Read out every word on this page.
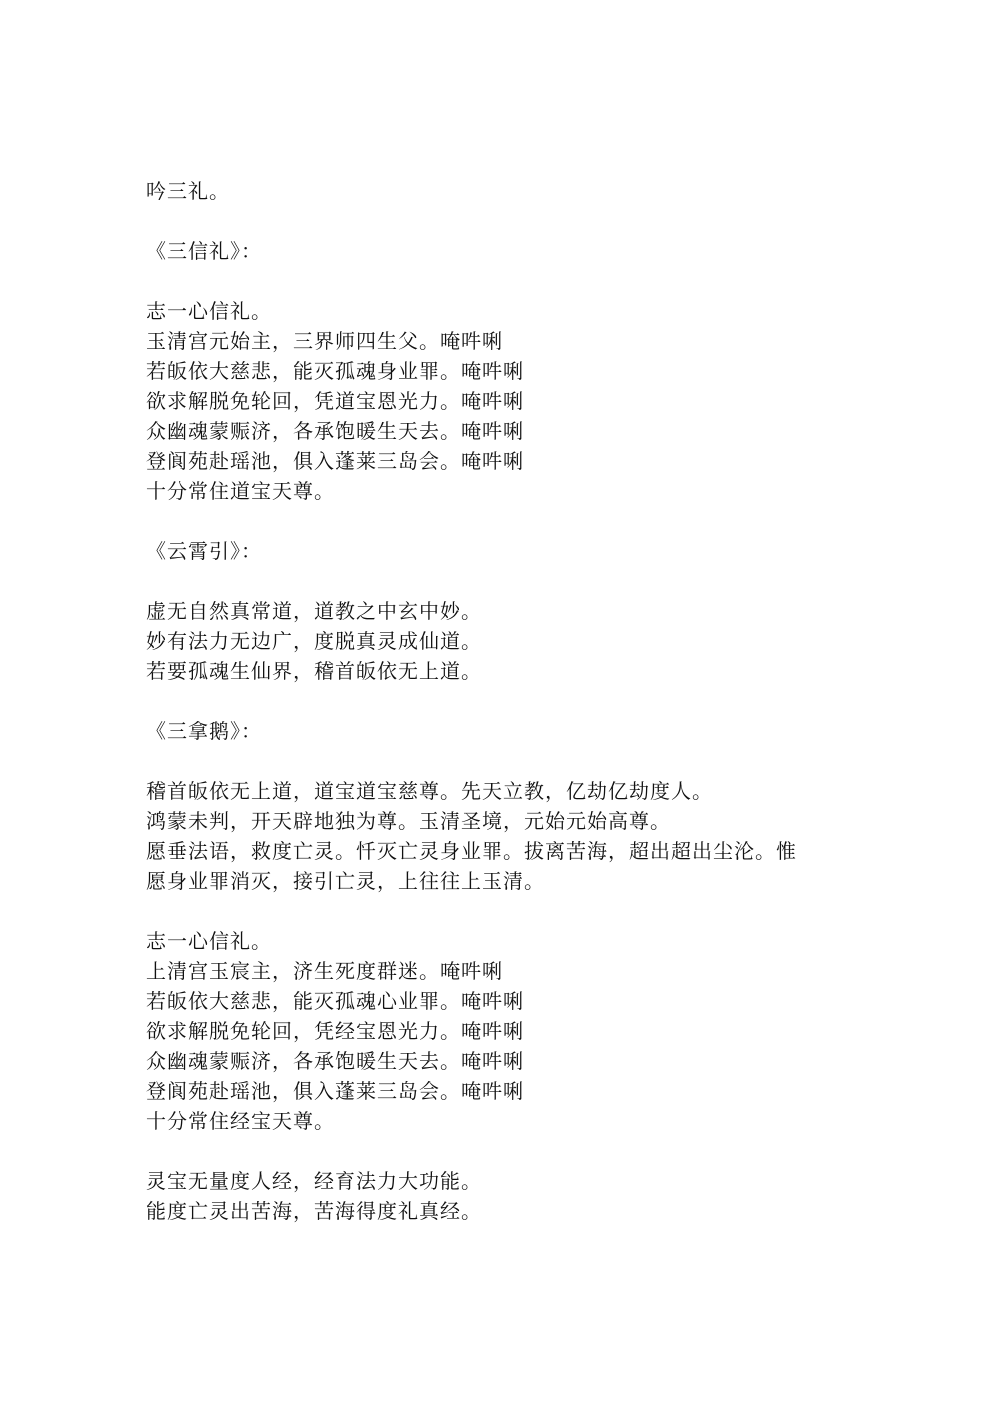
吟三礼。
《三信礼》：
志一心信礼。
玉清宫元始主，三界师四生父。唵吽唎
若皈依大慈悲，能灭孤魂身业罪。唵吽唎
欲求解脱免轮回，凭道宝恩光力。唵吽唎
众幽魂蒙赈济，各承饱暖生天去。唵吽唎
登阆苑赴瑶池，俱入蓬莱三岛会。唵吽唎
十分常住道宝天尊。
《云霄引》：
虚无自然真常道，道教之中玄中妙。
妙有法力无边广，度脱真灵成仙道。
若要孤魂生仙界，稽首皈依无上道。
《三拿鹅》：
稽首皈依无上道，道宝道宝慈尊。先天立教，亿劫亿劫度人。
鸿蒙未判，开天辟地独为尊。玉清圣境，元始元始高尊。
愿垂法语，救度亡灵。忏灭亡灵身业罪。拔离苦海，超出超出尘沦。惟
愿身业罪消灭，接引亡灵，上往往上玉清。
志一心信礼。
上清宫玉宸主，济生死度群迷。唵吽唎
若皈依大慈悲，能灭孤魂心业罪。唵吽唎
欲求解脱免轮回，凭经宝恩光力。唵吽唎
众幽魂蒙赈济，各承饱暖生天去。唵吽唎
登阆苑赴瑶池，俱入蓬莱三岛会。唵吽唎
十分常住经宝天尊。
灵宝无量度人经，经育法力大功能。
能度亡灵出苦海，苦海得度礼真经。
